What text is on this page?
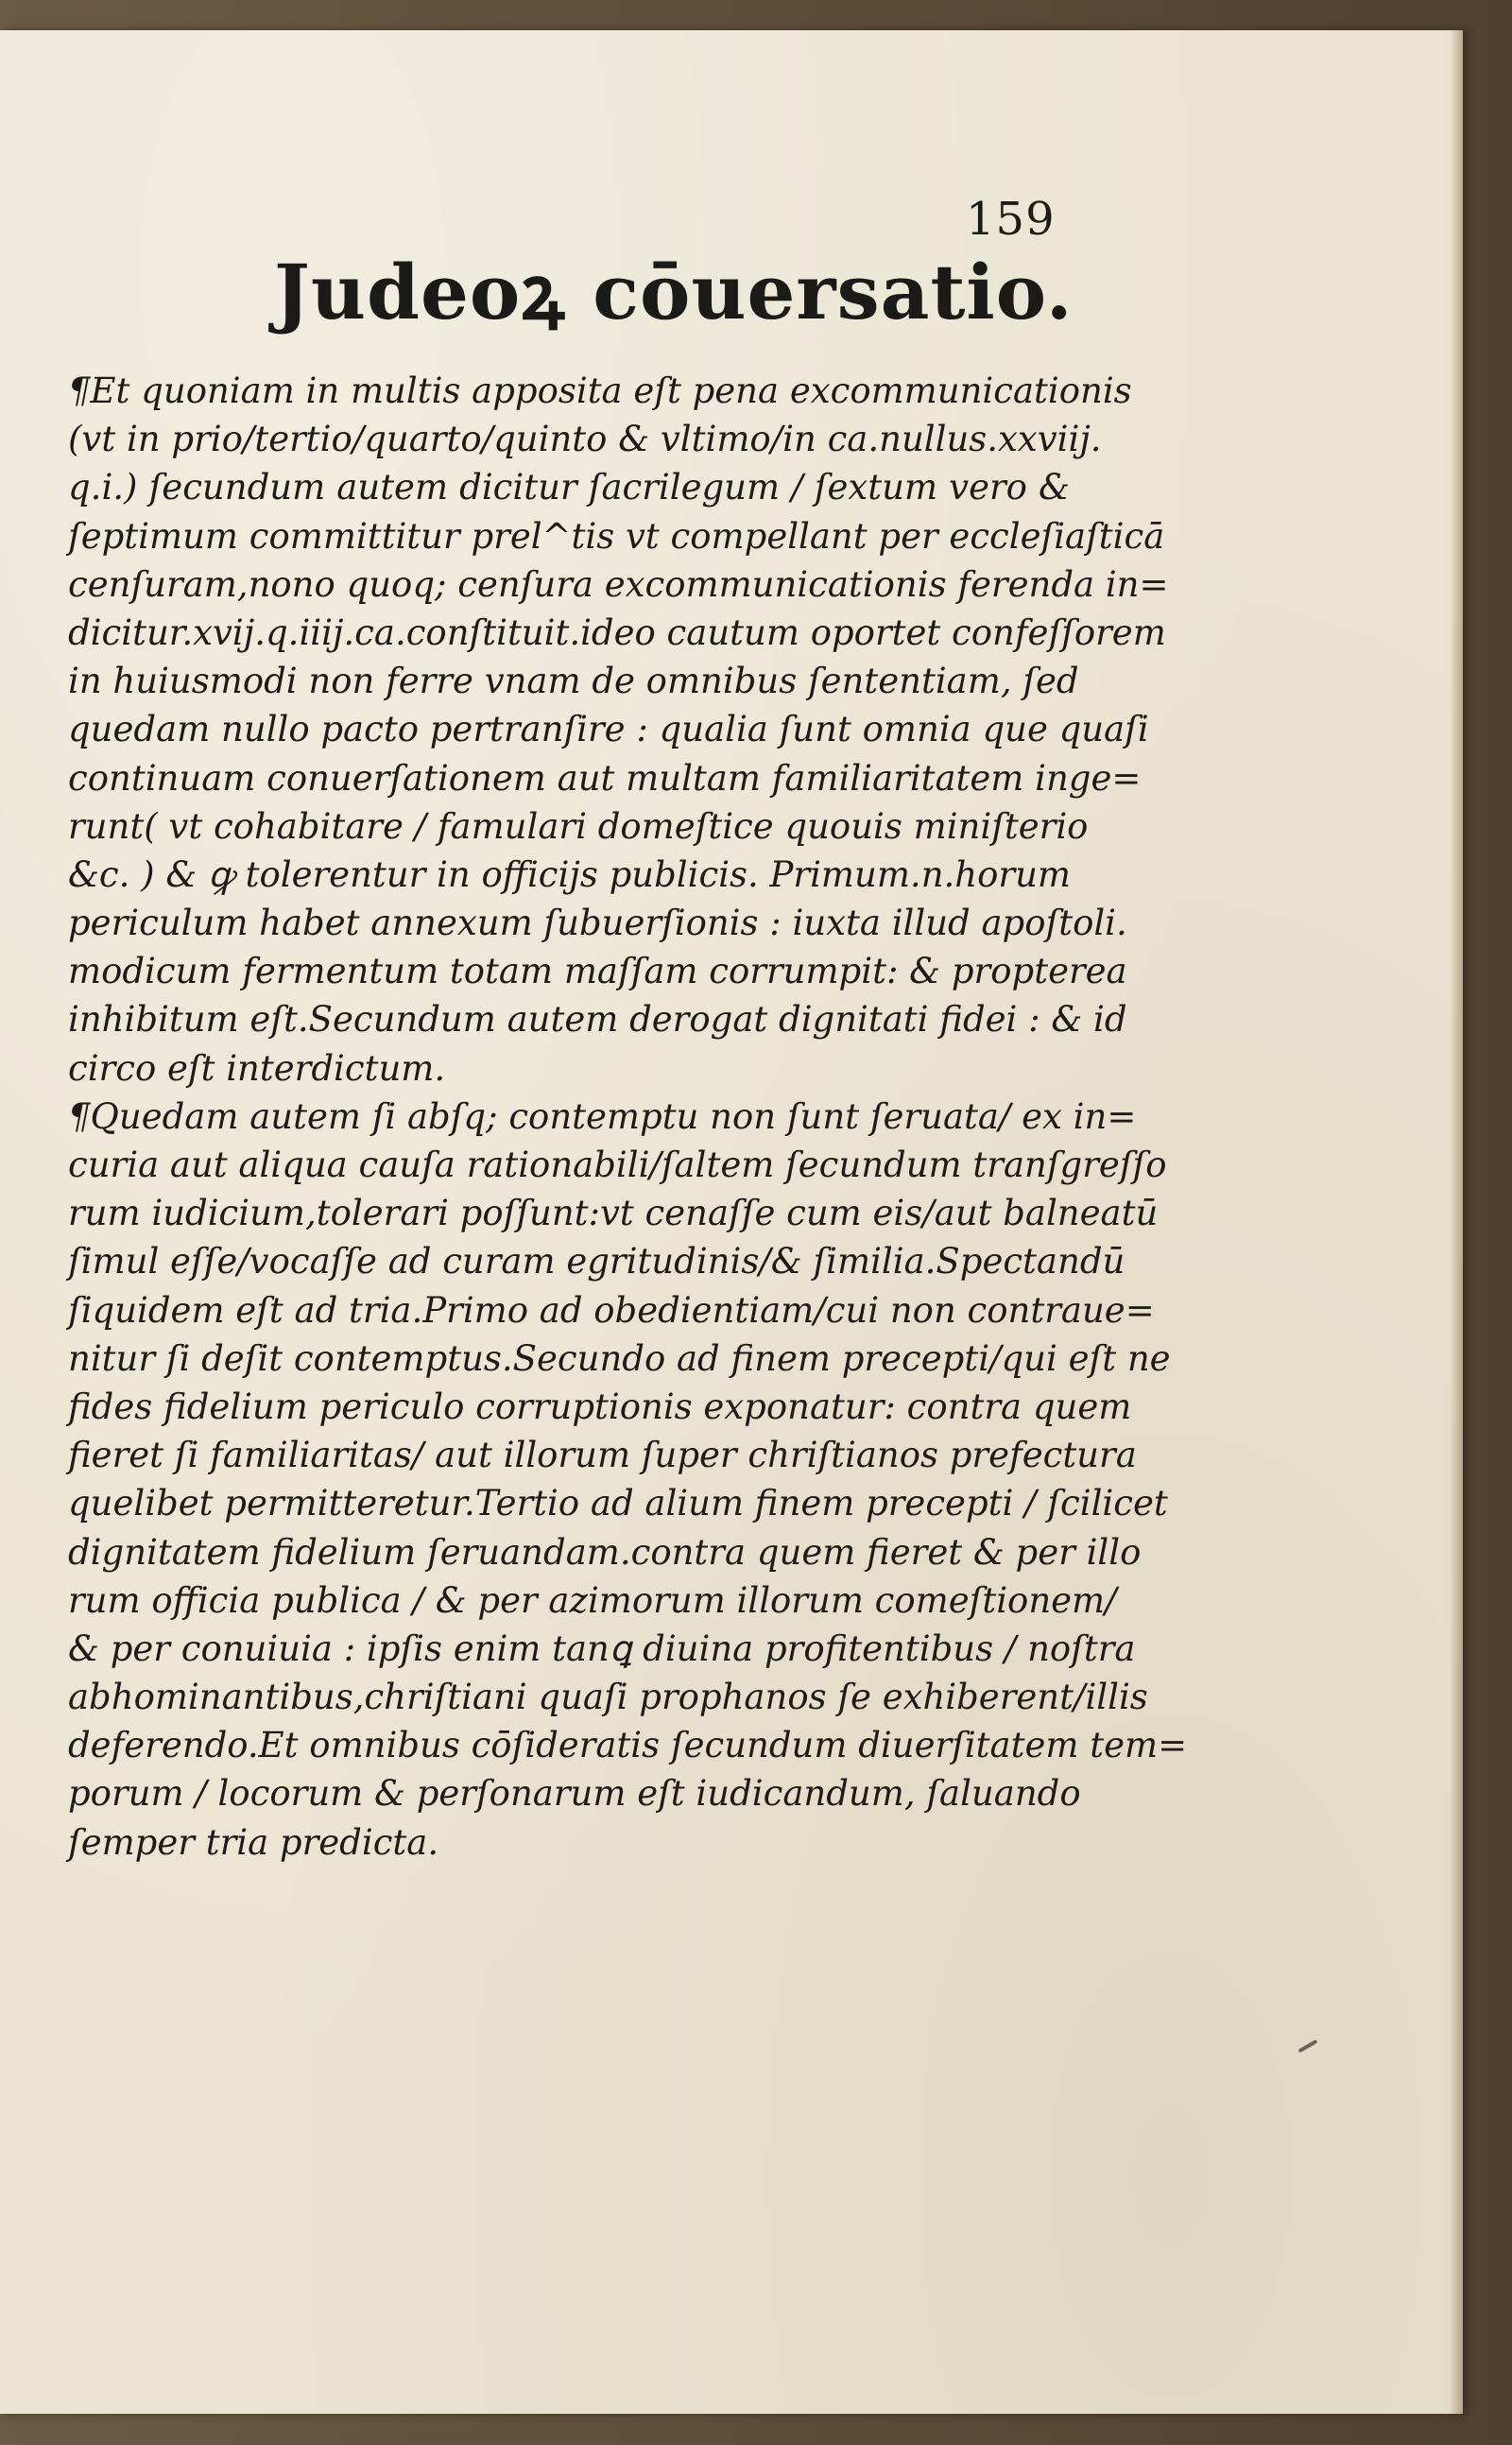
159
Judeoꝝ cōuersatio.
¶Et quoniam in multis apposita eſt pena excommunicationis
(vt in prio/tertio/quarto/quinto & vltimo/in ca.nullus.xxviij.
q.i.) ſecundum autem dicitur ſacrilegum / ſextum vero &
ſeptimum committitur prel^tis vt compellant per eccleſiaſticā
cenſuram,nono quoq; cenſura excommunicationis ferenda in=
dicitur.xvij.q.iiij.ca.conſtituit.ideo cautum oportet confeſſorem
in huiusmodi non ferre vnam de omnibus ſententiam, ſed
quedam nullo pacto pertranſire : qualia ſunt omnia que quaſi
continuam conuerſationem aut multam familiaritatem inge=
runt( vt cohabitare / famulari domeſtice quouis miniſterio
&c. ) & ꝙ tolerentur in officijs publicis. Primum.n.horum
periculum habet annexum ſubuerſionis : iuxta illud apoſtoli.
modicum fermentum totam maſſam corrumpit: & propterea
inhibitum eſt.Secundum autem derogat dignitati fidei : & id
circo eſt interdictum.
¶Quedam autem ſi abſq; contemptu non ſunt ſeruata/ ex in=
curia aut aliqua cauſa rationabili/ſaltem ſecundum tranſgreſſo
rum iudicium,tolerari poſſunt:vt cenaſſe cum eis/aut balneatū
ſimul eſſe/vocaſſe ad curam egritudinis/& ſimilia.Spectandū
ſiquidem eſt ad tria.Primo ad obedientiam/cui non contraue=
nitur ſi deſit contemptus.Secundo ad finem precepti/qui eſt ne
fides fidelium periculo corruptionis exponatur: contra quem
fieret ſi familiaritas/ aut illorum ſuper chriſtianos prefectura
quelibet permitteretur.Tertio ad alium finem precepti / ſcilicet
dignitatem fidelium ſeruandam.contra quem fieret & per illo
rum officia publica / & per azimorum illorum comeſtionem/
& per conuiuia : ipſis enim tanꝗ diuina profitentibus / noſtra
abhominantibus,chriſtiani quaſi prophanos ſe exhiberent/illis
deferendo.Et omnibus cōſideratis ſecundum diuerſitatem tem=
porum / locorum & perſonarum eſt iudicandum, ſaluando
ſemper tria predicta.
